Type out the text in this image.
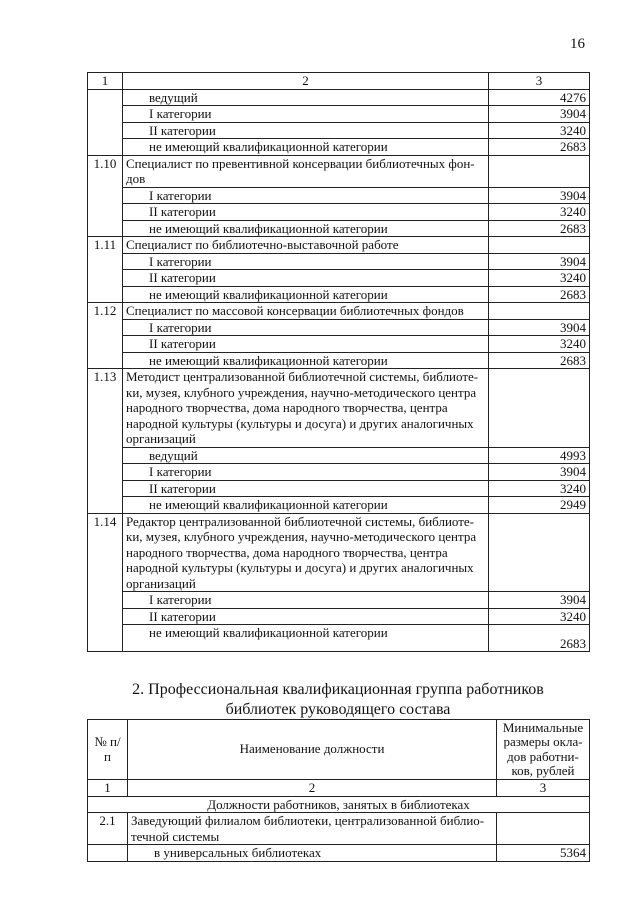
16
1	2	3
	ведущий	4276
	I категории	3904
	II категории	3240
	не имеющий квалификационной категории	2683
1.10	Специалист по превентивной консервации библиотечных фон-дов	
	I категории	3904
	II категории	3240
	не имеющий квалификационной категории	2683
1.11	Специалист по библиотечно-выставочной работе	
	I категории	3904
	II категории	3240
	не имеющий квалификационной категории	2683
1.12	Специалист по массовой консервации библиотечных фондов	
	I категории	3904
	II категории	3240
	не имеющий квалификационной категории	2683
1.13	Методист централизованной библиотечной системы, библиоте-ки, музея, клубного учреждения, научно-методического центра народного творчества, дома народного творчества, центра народной культуры (культуры и досуга) и других аналогичных организаций	
	ведущий	4993
	I категории	3904
	II категории	3240
	не имеющий квалификационной категории	2949
1.14	Редактор централизованной библиотечной системы, библиоте-ки, музея, клубного учреждения, научно-методического центра народного творчества, дома народного творчества, центра народной культуры (культуры и досуга) и других аналогичных организаций	
	I категории	3904
	II категории	3240
	не имеющий квалификационной категории	2683
2. Профессиональная квалификационная группа работников
библиотек руководящего состава
№ п/п	Наименование должности	Минимальные размеры окла-дов работни-ков, рублей
1	2	3
Должности работников, занятых в библиотеках		
2.1	Заведующий филиалом библиотеки, централизованной библио-течной системы	
	в универсальных библиотеках	5364
